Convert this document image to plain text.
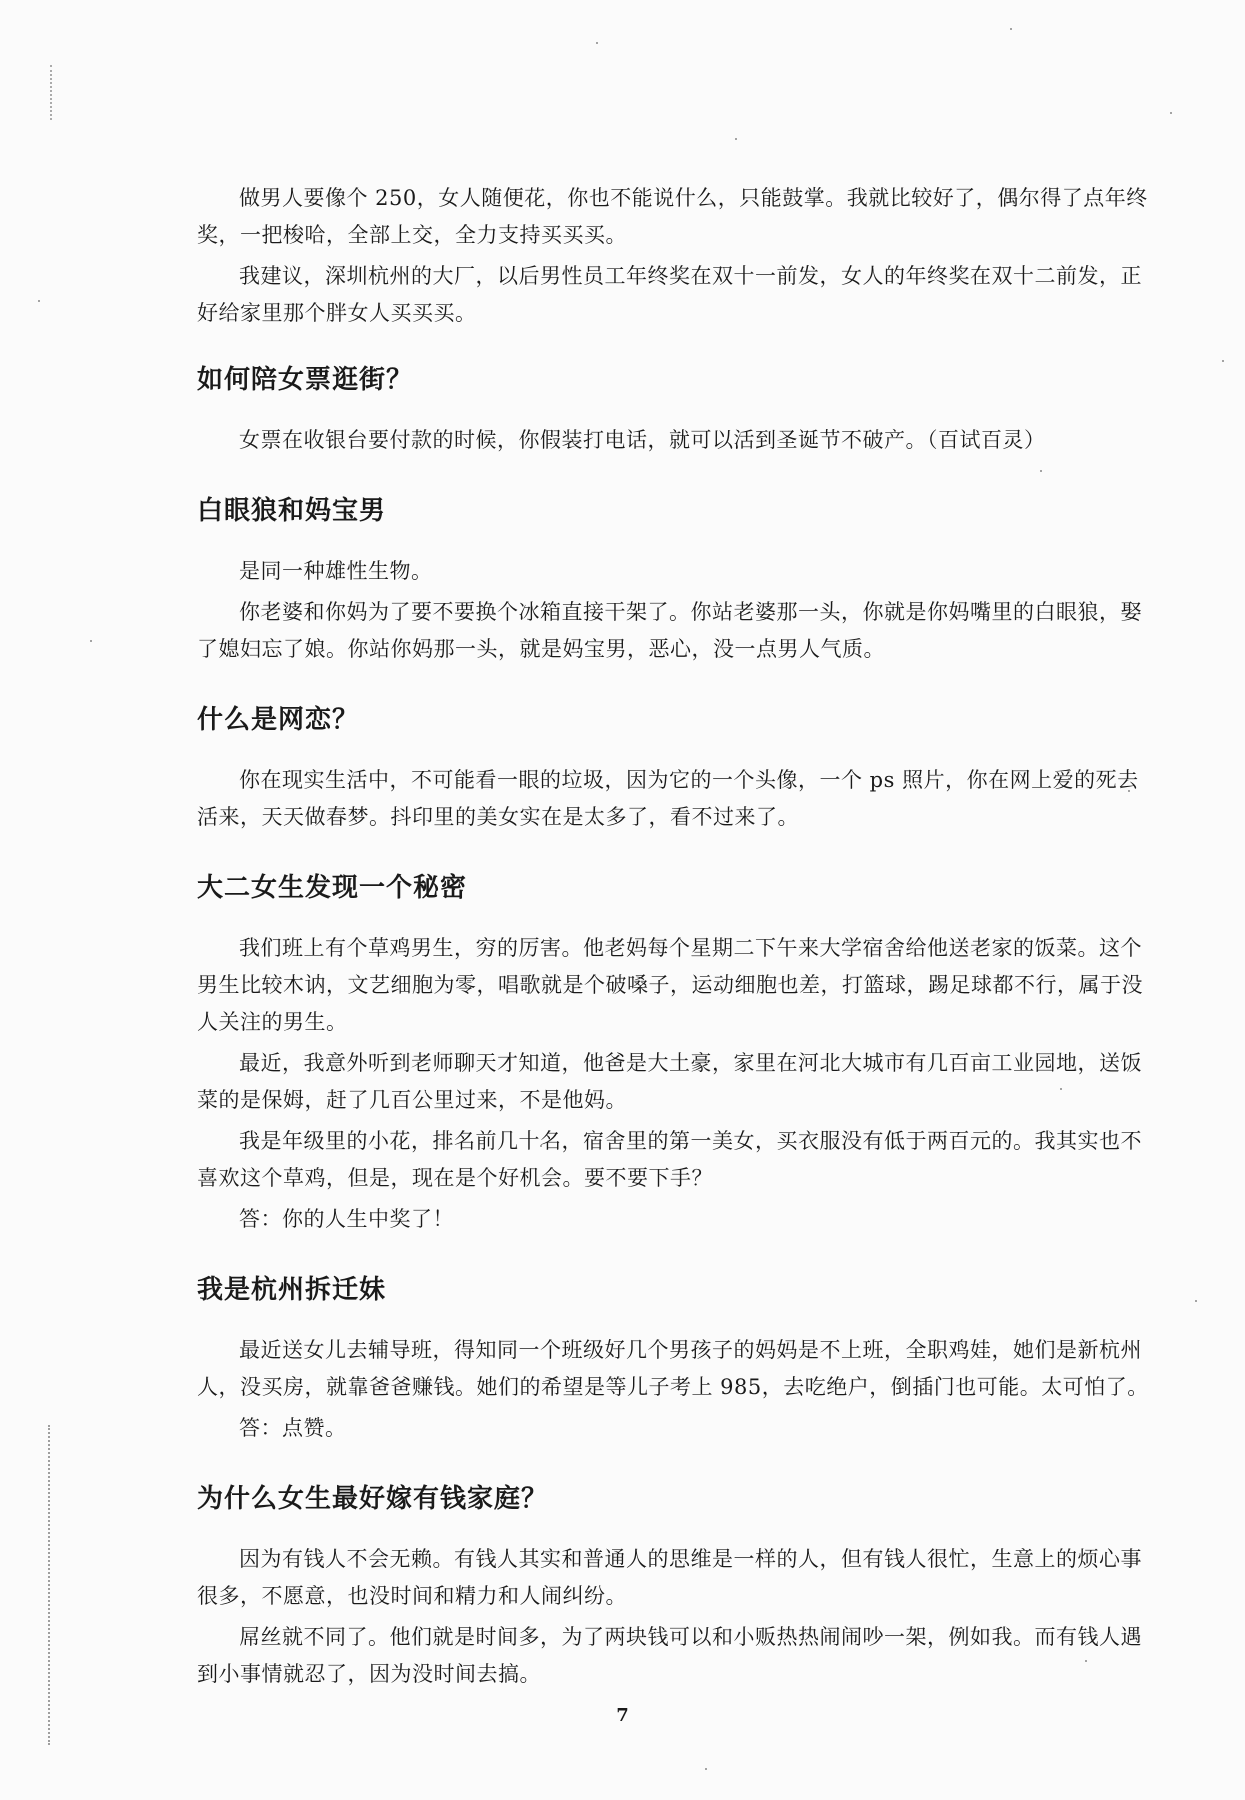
做男人要像个 250，女人随便花，你也不能说什么，只能鼓掌。我就比较好了，偶尔得了点年终奖，一把梭哈，全部上交，全力支持买买买。

我建议，深圳杭州的大厂，以后男性员工年终奖在双十一前发，女人的年终奖在双十二前发，正好给家里那个胖女人买买买。

如何陪女票逛街？

女票在收银台要付款的时候，你假装打电话，就可以活到圣诞节不破产。（百试百灵）

白眼狼和妈宝男

是同一种雄性生物。

你老婆和你妈为了要不要换个冰箱直接干架了。你站老婆那一头，你就是你妈嘴里的白眼狼，娶了媳妇忘了娘。你站你妈那一头，就是妈宝男，恶心，没一点男人气质。

什么是网恋？

你在现实生活中，不可能看一眼的垃圾，因为它的一个头像，一个 ps 照片，你在网上爱的死去活来，天天做春梦。抖印里的美女实在是太多了，看不过来了。

大二女生发现一个秘密

我们班上有个草鸡男生，穷的厉害。他老妈每个星期二下午来大学宿舍给他送老家的饭菜。这个男生比较木讷，文艺细胞为零，唱歌就是个破嗓子，运动细胞也差，打篮球，踢足球都不行，属于没人关注的男生。

最近，我意外听到老师聊天才知道，他爸是大土豪，家里在河北大城市有几百亩工业园地，送饭菜的是保姆，赶了几百公里过来，不是他妈。

我是年级里的小花，排名前几十名，宿舍里的第一美女，买衣服没有低于两百元的。我其实也不喜欢这个草鸡，但是，现在是个好机会。要不要下手？

答：你的人生中奖了！

我是杭州拆迁妹

最近送女儿去辅导班，得知同一个班级好几个男孩子的妈妈是不上班，全职鸡娃，她们是新杭州人，没买房，就靠爸爸赚钱。她们的希望是等儿子考上 985，去吃绝户，倒插门也可能。太可怕了。

答：点赞。

为什么女生最好嫁有钱家庭？

因为有钱人不会无赖。有钱人其实和普通人的思维是一样的人，但有钱人很忙，生意上的烦心事很多，不愿意，也没时间和精力和人闹纠纷。

屌丝就不同了。他们就是时间多，为了两块钱可以和小贩热热闹闹吵一架，例如我。而有钱人遇到小事情就忍了，因为没时间去搞。

7
